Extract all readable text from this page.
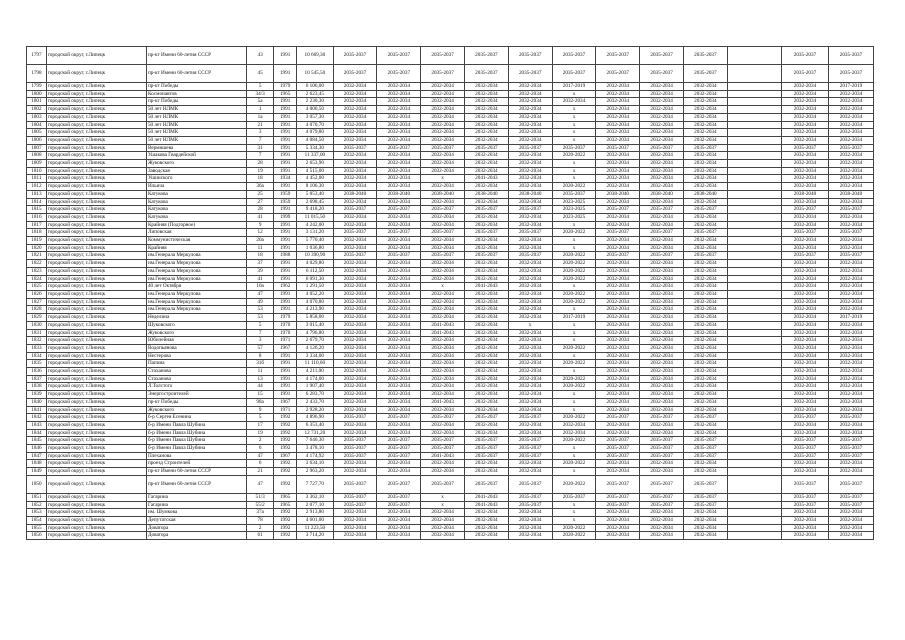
1797	городской округ, г.Липецк	пр-кт Имени 60-летия СССР	43	1991	10 669,30	2035-2037	2035-2037	2035-2037	2035-2037	2035-2037	2035-2037	2035-2037	2035-2037	2035-2037		2035-2037	2035-2037
1798	городской округ, г.Липецк	пр-кт Имени 60-летия СССР	45	1991	10 545,50	2035-2037	2035-2037	2035-2037	2035-2037	2035-2037	2035-2037	2035-2037	2035-2037	2035-2037		2035-2037	2035-2037
1799	городской округ, г.Липецк	пр-кт Победы	5	1979	6 106,00	2032-2034	2032-2034	2032-2034	2032-2034	2032-2034	2017-2019	2032-2034	2032-2034	2032-2034		2032-2034	2017-2019
1800	городской округ, г.Липецк	Космонавтов	34/3	1965	2 623,45	2032-2034	2032-2034	2032-2034	2032-2034	2032-2034	х	2032-2034	2032-2034	2032-2034		2032-2034	2032-2034
1801	городской округ, г.Липецк	пр-кт Победы	5а	1991	2 230,30	2032-2034	2032-2034	2032-2034	2032-2034	2032-2034	2032-2034	2032-2034	2032-2034	2032-2034		2032-2034	2032-2034
1802	городской округ, г.Липецк	50 лет НЛМК	1	1991	4 000,50	2032-2034	2032-2034	2032-2034	2032-2034	2032-2034	х	2032-2034	2032-2034	2032-2034		2032-2034	2032-2034
1803	городской округ, г.Липецк	50 лет НЛМК	1а	1991	3 057,30	2032-2034	2032-2034	2032-2034	2032-2034	2032-2034	х	2032-2034	2032-2034	2032-2034		2032-2034	2032-2034
1804	городской округ, г.Липецк	50 лет НЛМК	21	1991	4 070,70	2032-2034	2032-2034	2032-2034	2032-2034	2032-2034	х	2032-2034	2032-2034	2032-2034		2032-2034	2032-2034
1805	городской округ, г.Липецк	50 лет НЛМК	3	1991	4 079,80	2032-2034	2032-2034	2032-2034	2032-2034	2032-2034	х	2032-2034	2032-2034	2032-2034		2032-2034	2032-2034
1806	городской округ, г.Липецк	50 лет НЛМК	7	1991	4 084,50	2032-2034	2032-2034	2032-2034	2032-2034	2032-2034	х	2032-2034	2032-2034	2032-2034		2032-2034	2032-2034
1807	городской округ, г.Липецк	Вермишева	31	1991	5 334,30	2035-2037	2035-2037	2035-2037	2035-2037	2035-2037	2035-2037	2035-2037	2035-2037	2035-2037		2035-2037	2035-2037
1808	городской округ, г.Липецк	Ушакова Гвардейской	7	1991	11 337,00	2032-2034	2032-2034	2032-2034	2032-2034	2032-2034	2020-2022	2032-2034	2032-2034	2032-2034		2032-2034	2032-2034
1809	городской округ, г.Липецк	Жуковского	28	1991	2 653,90	2032-2034	2032-2034	2032-2034	2032-2034	2032-2034	х	2032-2034	2032-2034	2032-2034		2032-2034	2032-2034
1810	городской округ, г.Липецк	Заводская	19	1991	4 515,00	2032-2034	2032-2034	2032-2034	2032-2034	2032-2034	х	2032-2034	2032-2034	2032-2034		2032-2034	2032-2034
1811	городской округ, г.Липецк	Ушинского	18	1934	4 452,00	2032-2034	2032-2034	х	2041-2043	2032-2034	х	2032-2034	2032-2034	2032-2034		2032-2034	2032-2034
1812	городской округ, г.Липецк	Ильича	36а	1991	8 106,30	2032-2034	2032-2034	2032-2034	2032-2034	2032-2034	2020-2022	2032-2034	2032-2034	2032-2034		2032-2034	2032-2034
1813	городской округ, г.Липецк	Катукова	25	1959	5 053,40	2038-2040	2038-2040	2038-2040	2038-2040	2038-2040	2035-2037	2038-2040	2038-2040	2038-2040		2038-2040	2038-2040
1814	городской округ, г.Липецк	Катукова	27	1959	2 698,45	2032-2034	2032-2034	2032-2034	2032-2034	2032-2034	2023-2025	2032-2034	2032-2034	2032-2034		2032-2034	2032-2034
1815	городской округ, г.Липецк	Катукова	28	1991	9 418,20	2035-2037	2035-2037	2035-2037	2035-2037	2035-2037	2023-2025	2035-2037	2035-2037	2035-2037		2035-2037	2035-2037
1816	городской округ, г.Липецк	Катукова	41	1999	11 015,50	2032-2034	2032-2034	2032-2034	2032-2034	2032-2034	2023-2025	2032-2034	2032-2034	2032-2034		2032-2034	2032-2034
1817	городской округ, г.Липецк	Крайняя (Подгорное)	9	1991	4 242,00	2032-2034	2032-2034	2032-2034	2032-2034	2032-2034	х	2032-2034	2032-2034	2032-2034		2032-2034	2032-2034
1818	городской округ, г.Липецк	Липовская	12	1991	3 131,20	2035-2037	2035-2037	2035-2037	2035-2037	2035-2037	2020-2022	2035-2037	2035-2037	2035-2037		2035-2037	2035-2037
1819	городской округ, г.Липецк	Коммунистическая	20а	1991	5 770,40	2032-2034	2032-2034	2032-2034	2032-2034	2032-2034	х	2032-2034	2032-2034	2032-2034		2032-2034	2032-2034
1820	городской округ, г.Липецк	Крайняя	11	1991	1 036,80	2032-2034	2032-2034	2032-2034	2032-2034	2032-2034	х	2032-2034	2032-2034	2032-2034		2032-2034	2032-2034
1821	городской округ, г.Липецк	им.Генерала Меркулова	18	1988	10 390,90	2035-2037	2035-2037	2035-2037	2035-2037	2035-2037	2020-2022	2035-2037	2035-2037	2035-2037		2035-2037	2035-2037
1822	городской округ, г.Липецк	им.Генерала Меркулова	37	1991	4 029,80	2032-2034	2032-2034	2032-2034	2032-2034	2032-2034	2020-2022	2032-2034	2032-2034	2032-2034		2032-2034	2032-2034
1823	городской округ, г.Липецк	им.Генерала Меркулова	39	1991	6 112,50	2032-2034	2032-2034	2032-2034	2032-2034	2032-2034	2020-2022	2032-2034	2032-2034	2032-2034		2032-2034	2032-2034
1824	городской округ, г.Липецк	им.Генерала Меркулова	41	1991	6 091,30	2032-2034	2032-2034	2032-2034	2032-2034	2032-2034	2020-2022	2032-2034	2032-2034	2032-2034		2032-2034	2032-2034
1825	городской округ, г.Липецк	40 лет Октября	10а	1962	1 291,50	2032-2034	2032-2034	х	2041-2043	2032-2034	х	2032-2034	2032-2034	2032-2034		2032-2034	2032-2034
1826	городской округ, г.Липецк	им.Генерала Меркулова	47	1991	4 052,20	2032-2034	2032-2034	2032-2034	2032-2034	2032-2034	2020-2022	2032-2034	2032-2034	2032-2034		2032-2034	2032-2034
1827	городской округ, г.Липецк	им.Генерала Меркулова	49	1991	4 070,80	2032-2034	2032-2034	2032-2034	2032-2034	2032-2034	2020-2022	2032-2034	2032-2034	2032-2034		2032-2034	2032-2034
1828	городской округ, г.Липецк	им.Генерала Меркулова	53	1991	4 213,90	2032-2034	2032-2034	2032-2034	2032-2034	2032-2034	х	2032-2034	2032-2034	2032-2034		2032-2034	2032-2034
1829	городской округ, г.Липецк	Неделина	53	1979	5 858,00	2032-2034	2032-2034	2032-2034	2032-2034	2032-2034	2017-2019	2032-2034	2032-2034	2032-2034		2032-2034	2017-2019
1830	городской округ, г.Липецк	Шуковского	5	1970	3 015,40	2032-2034	2032-2034	2041-2043	2032-2034	х	х	2032-2034	2032-2034	2032-2034		2032-2034	2032-2034
1831	городской округ, г.Липецк	Жуковского	7	1970	4 796,80	2032-2034	2032-2034	2041-2043	2032-2034	2032-2034	х	2032-2034	2032-2034	2032-2034		2032-2034	2032-2034
1832	городской округ, г.Липецк	Юбилейная	3	1971	2 679,70	2032-2034	2032-2034	2032-2034	2032-2034	2032-2034	х	2032-2034	2032-2034	2032-2034		2032-2034	2032-2034
1833	городской округ, г.Липецк	Водопьянова	57	1967	4 126,20	2032-2034	2032-2034	2032-2034	2032-2034	2032-2034	2020-2022	2032-2034	2032-2034	2032-2034		2032-2034	2032-2034
1834	городской округ, г.Липецк	Нестерова	8	1991	3 334,00	2032-2034	2032-2034	2032-2034	2032-2034	2032-2034	х	2032-2034	2032-2034	2032-2034		2032-2034	2032-2034
1835	городской округ, г.Липецк	Папина	31б	1991	11 110,60	2032-2034	2032-2034	2032-2034	2032-2034	2032-2034	2020-2022	2032-2034	2032-2034	2032-2034		2032-2034	2032-2034
1836	городской округ, г.Липецк	Стаханова	11	1991	4 211,00	2032-2034	2032-2034	2032-2034	2032-2034	2032-2034	х	2032-2034	2032-2034	2032-2034		2032-2034	2032-2034
1837	городской округ, г.Липецк	Стаханова	13	1991	4 174,00	2032-2034	2032-2034	2032-2034	2032-2034	2032-2034	2020-2022	2032-2034	2032-2034	2032-2034		2032-2034	2032-2034
1838	городской округ, г.Липецк	Л.Толстого	44	1991	1 907,40	2032-2034	2032-2034	2032-2034	2032-2034	2032-2034	2020-2022	2032-2034	2032-2034	2032-2034		2032-2034	2032-2034
1839	городской округ, г.Липецк	Энергостроителей	15	1991	6 283,70	2032-2034	2032-2034	2032-2034	2032-2034	2032-2034	х	2032-2034	2032-2034	2032-2034		2032-2034	2032-2034
1840	городской округ, г.Липецк	пр-кт Победы	98а	1967	2 433,70	2032-2034	2032-2034	2041-2043	2032-2034	2032-2034	х	2032-2034	2032-2034	2032-2034		2032-2034	2032-2034
1841	городской округ, г.Липецк	Жуковского	9	1971	2 928,20	2032-2034	2032-2034	2032-2034	2032-2034	2032-2034	х	2032-2034	2032-2034	2032-2034		2032-2034	2032-2034
1842	городской округ, г.Липецк	б-р Сергея Есенина	5	1992	4 896,90	2035-2037	2035-2037	2035-2037	2035-2037	2035-2037	2020-2022	2035-2037	2035-2037	2035-2037		2035-2037	2035-2037
1843	городской округ, г.Липецк	б-р Имени Павла Шубина	17	1992	6 353,40	2032-2034	2032-2034	2032-2034	2032-2034	2032-2034	2032-2034	2032-2034	2032-2034	2032-2034		2032-2034	2032-2034
1844	городской округ, г.Липецк	б-р Имени Павла Шубина	19	1992	12 731,20	2032-2034	2032-2034	2032-2034	2032-2034	2032-2034	2032-2034	2032-2034	2032-2034	2032-2034		2032-2034	2032-2034
1845	городской округ, г.Липецк	б-р Имени Павла Шубина	2	1992	7 646,30	2035-2037	2035-2037	2035-2037	2035-2037	2035-2037	2020-2022	2035-2037	2035-2037	2035-2037		2035-2037	2035-2037
1846	городской округ, г.Липецк	б-р Имени Павла Шубина	6	1992	3 478,10	2035-2037	2035-2037	2035-2037	2035-2037	2035-2037	х	2035-2037	2035-2037	2035-2037		2035-2037	2035-2037
1847	городской округ, г.Липецк	Плеханова	47	1967	4 174,92	2035-2037	2035-2037	2041-2043	2035-2037	2035-2037	х	2035-2037	2035-2037	2035-2037		2035-2037	2035-2037
1848	городской округ, г.Липецк	проезд Строителей	6	1992	3 634,10	2032-2034	2032-2034	2032-2034	2032-2034	2032-2034	2020-2022	2032-2034	2032-2034	2032-2034		2032-2034	2032-2034
1849	городской округ, г.Липецк	пр-кт Имени 60-летия СССР	21	1992	2 963,20	2032-2034	2032-2034	2032-2034	2032-2034	2032-2034	х	2032-2034	2032-2034	2032-2034		2032-2034	2032-2034
1850	городской округ, г.Липецк	пр-кт Имени 60-летия СССР	47	1992	7 727,70	2035-2037	2035-2037	2035-2037	2035-2037	2035-2037	2020-2022	2035-2037	2035-2037	2035-2037		2035-2037	2035-2037
1851	городской округ, г.Липецк	Гагарина	51/3	1965	3 362,10	2035-2037	2035-2037	х	2041-2043	2035-2037	2035-2037	2035-2037	2035-2037	2035-2037		2035-2037	2035-2037
1852	городской округ, г.Липецк	Гагарина	55/2	1965	2 077,10	2035-2037	2035-2037	х	2041-2043	2035-2037	х	2035-2037	2035-2037	2035-2037		2035-2037	2035-2037
1853	городской округ, г.Липецк	им. Шумкова	37а	1992	2 913,80	2032-2034	2032-2034	2032-2034	2032-2034	2032-2034	х	2032-2034	2032-2034	2032-2034		2032-2034	2032-2034
1854	городской округ, г.Липецк	Депутатская	78	1992	4 601,00	2032-2034	2032-2034	2032-2034	2032-2034	2032-2034	х	2032-2034	2032-2034	2032-2034		2032-2034	2032-2034
1855	городской округ, г.Липецк	Доватора	2	1992	11 223,50	2032-2034	2032-2034	2032-2034	2032-2034	2032-2034	2020-2022	2032-2034	2032-2034	2032-2034		2032-2034	2032-2034
1856	городской округ, г.Липецк	Доватора	61	1992	3 714,20	2032-2034	2032-2034	2032-2034	2032-2034	2032-2034	2020-2022	2032-2034	2032-2034	2032-2034		2032-2034	2032-2034
